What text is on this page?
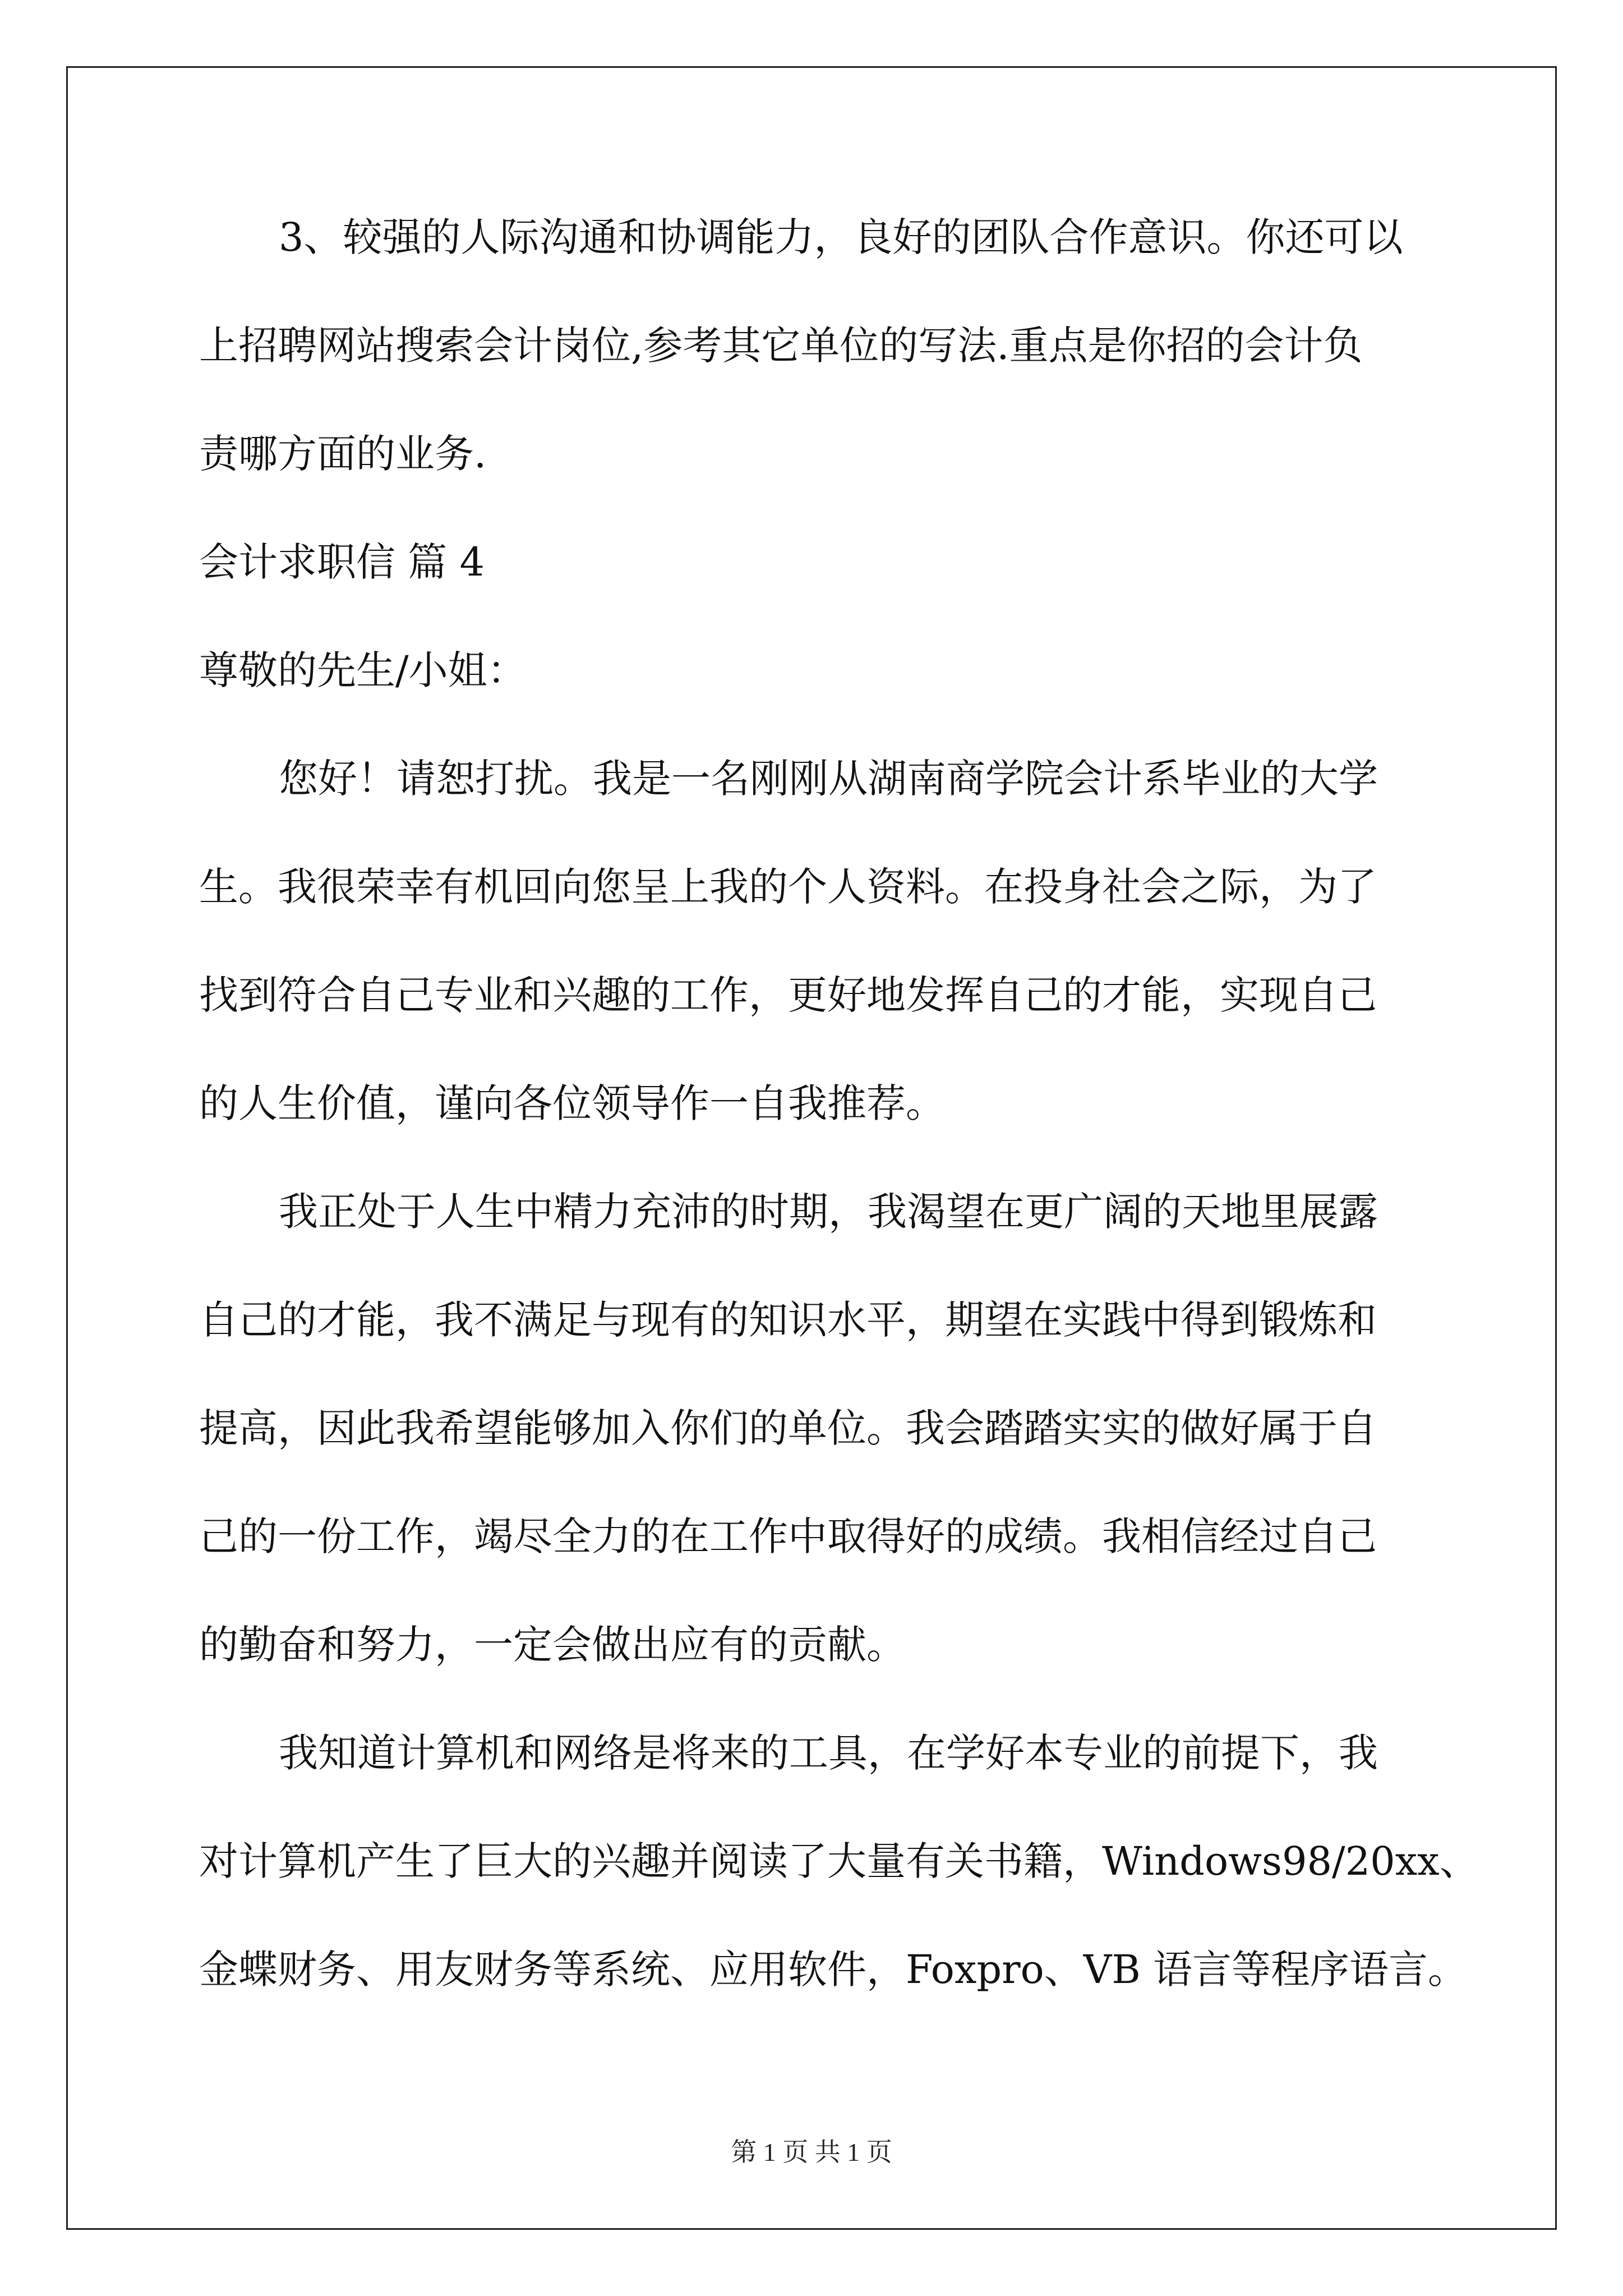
3、较强的人际沟通和协调能力，良好的团队合作意识。你还可以
上招聘网站搜索会计岗位,参考其它单位的写法.重点是你招的会计负
责哪方面的业务.
会计求职信 篇 4
尊敬的先生/小姐：
您好！请恕打扰。我是一名刚刚从湖南商学院会计系毕业的大学
生。我很荣幸有机回向您呈上我的个人资料。在投身社会之际，为了
找到符合自己专业和兴趣的工作，更好地发挥自己的才能，实现自己
的人生价值，谨向各位领导作一自我推荐。
我正处于人生中精力充沛的时期，我渴望在更广阔的天地里展露
自己的才能，我不满足与现有的知识水平，期望在实践中得到锻炼和
提高，因此我希望能够加入你们的单位。我会踏踏实实的做好属于自
己的一份工作，竭尽全力的在工作中取得好的成绩。我相信经过自己
的勤奋和努力，一定会做出应有的贡献。
我知道计算机和网络是将来的工具，在学好本专业的前提下，我
对计算机产生了巨大的兴趣并阅读了大量有关书籍，Windows98/20xx、
金蝶财务、用友财务等系统、应用软件，Foxpro、VB 语言等程序语言。
第 1 页 共 1 页
